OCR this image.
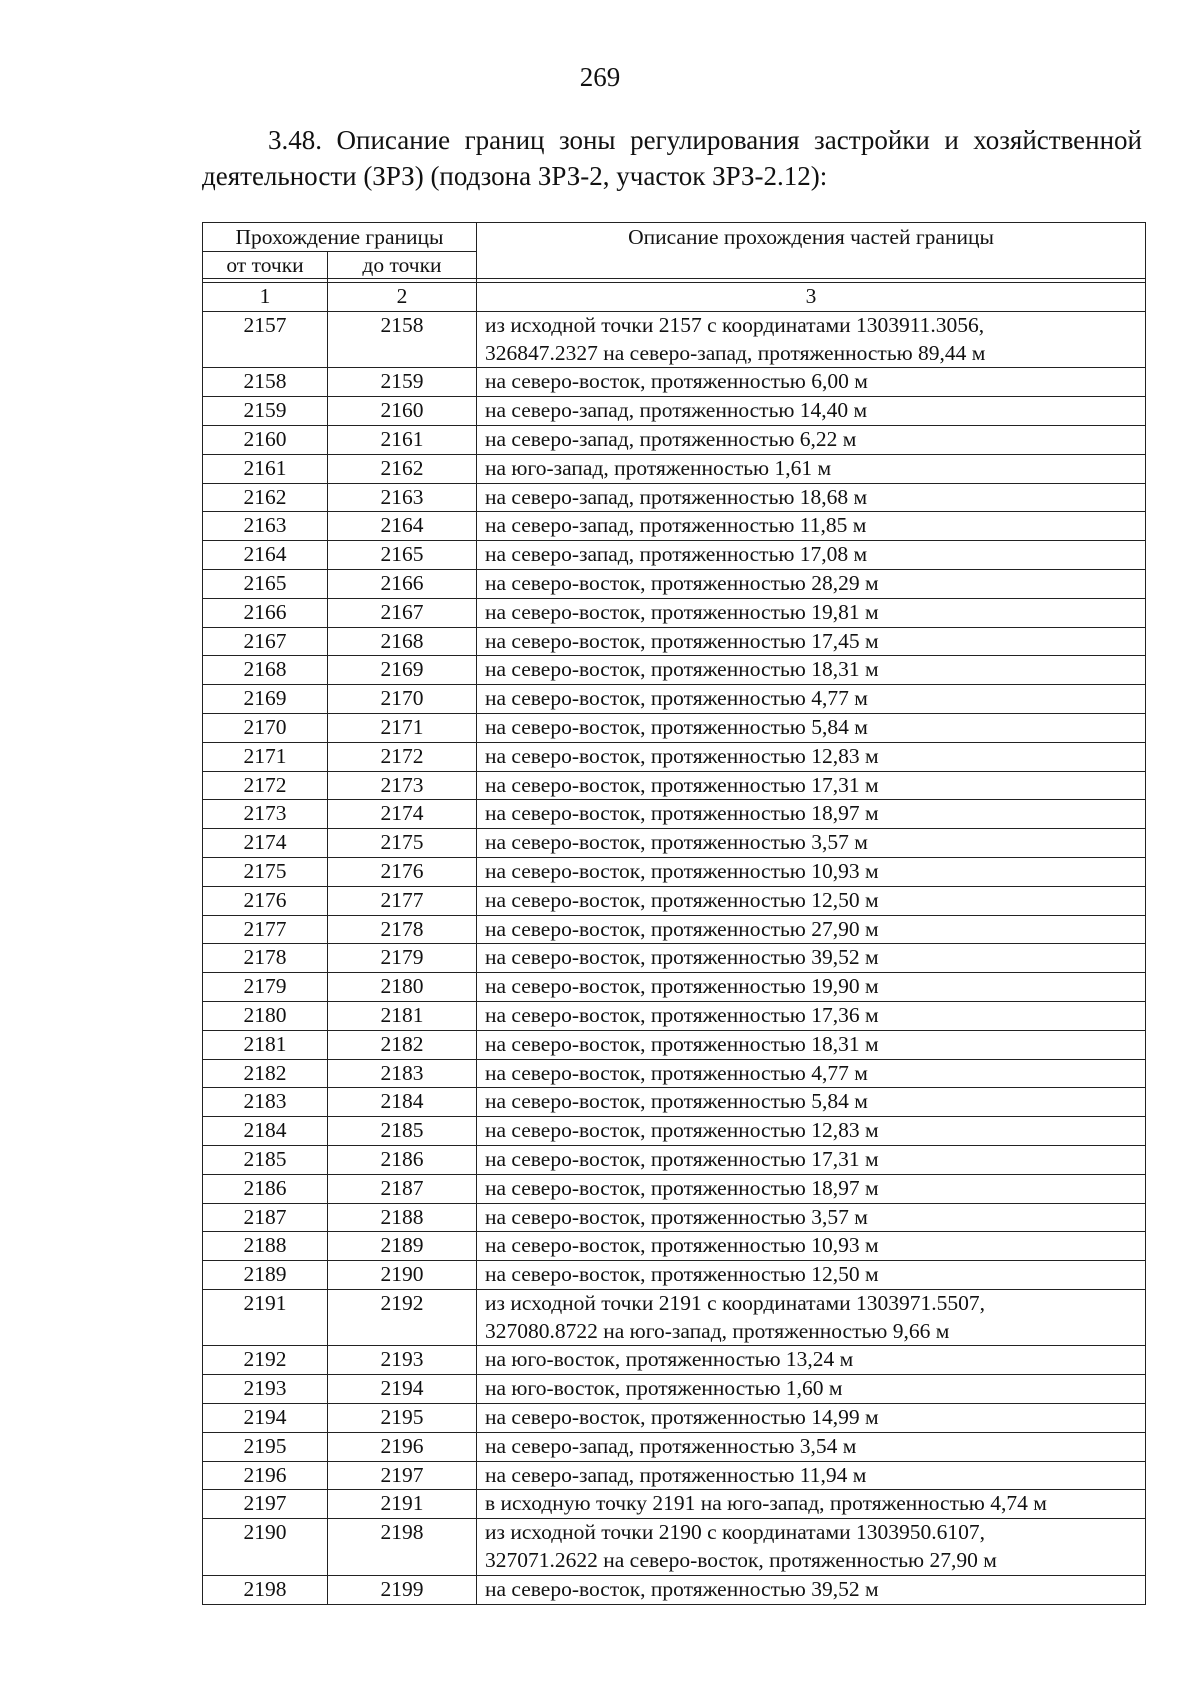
269
3.48. Описание границ зоны регулирования застройки и хозяйственной
деятельности (ЗРЗ) (подзона ЗРЗ-2, участок ЗРЗ-2.12):
Прохождение границы		Описание прохождения частей границы
от точки	до точки	

1	2	3
2157	2158	из исходной точки 2157 с координатами 1303911.3056,
326847.2327 на северо-запад, протяженностью 89,44 м

2158	2159	на северо-восток, протяженностью 6,00 м

2159	2160	на северо-запад, протяженностью 14,40 м

2160	2161	на северо-запад, протяженностью 6,22 м

2161	2162	на юго-запад, протяженностью 1,61 м

2162	2163	на северо-запад, протяженностью 18,68 м

2163	2164	на северо-запад, протяженностью 11,85 м

2164	2165	на северо-запад, протяженностью 17,08 м

2165	2166	на северо-восток, протяженностью 28,29 м

2166	2167	на северо-восток, протяженностью 19,81 м

2167	2168	на северо-восток, протяженностью 17,45 м

2168	2169	на северо-восток, протяженностью 18,31 м

2169	2170	на северо-восток, протяженностью 4,77 м

2170	2171	на северо-восток, протяженностью 5,84 м

2171	2172	на северо-восток, протяженностью 12,83 м

2172	2173	на северо-восток, протяженностью 17,31 м

2173	2174	на северо-восток, протяженностью 18,97 м

2174	2175	на северо-восток, протяженностью 3,57 м

2175	2176	на северо-восток, протяженностью 10,93 м

2176	2177	на северо-восток, протяженностью 12,50 м

2177	2178	на северо-восток, протяженностью 27,90 м

2178	2179	на северо-восток, протяженностью 39,52 м

2179	2180	на северо-восток, протяженностью 19,90 м

2180	2181	на северо-восток, протяженностью 17,36 м

2181	2182	на северо-восток, протяженностью 18,31 м

2182	2183	на северо-восток, протяженностью 4,77 м

2183	2184	на северо-восток, протяженностью 5,84 м

2184	2185	на северо-восток, протяженностью 12,83 м

2185	2186	на северо-восток, протяженностью 17,31 м

2186	2187	на северо-восток, протяженностью 18,97 м

2187	2188	на северо-восток, протяженностью 3,57 м

2188	2189	на северо-восток, протяженностью 10,93 м

2189	2190	на северо-восток, протяженностью 12,50 м

2191	2192	из исходной точки 2191 с координатами 1303971.5507,
327080.8722 на юго-запад, протяженностью 9,66 м

2192	2193	на юго-восток, протяженностью 13,24 м

2193	2194	на юго-восток, протяженностью 1,60 м

2194	2195	на северо-восток, протяженностью 14,99 м

2195	2196	на северо-запад, протяженностью 3,54 м

2196	2197	на северо-запад, протяженностью 11,94 м

2197	2191	в исходную точку 2191 на юго-запад, протяженностью 4,74 м

2190	2198	из исходной точки 2190 с координатами 1303950.6107,
327071.2622 на северо-восток, протяженностью 27,90 м

2198	2199	на северо-восток, протяженностью 39,52 м
